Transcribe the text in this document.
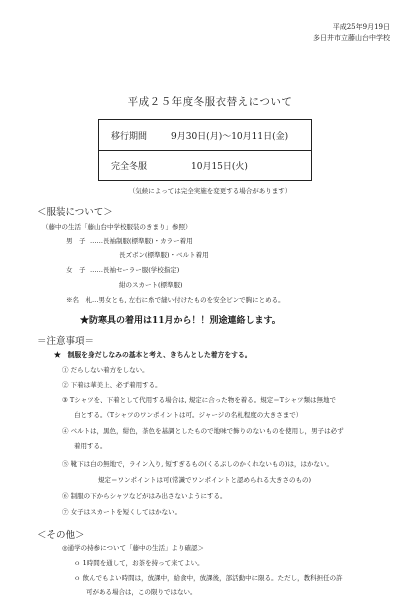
平成25年9月19日
多日井市立藤山台中学校
平成２５年度冬服衣替えについて
移行期間	9月30日(月)～10月11日(金)
完全冬服	10月15日(火)
（気候によっては完全実施を変更する場合があります）
＜服装について＞
（藤中の生活「藤山台中学校服装のきまり」参照）
男　子 ……長袖制服(標準服)・カラー着用
長ズボン(標準服)・ベルト着用
女　子 ……長袖セーラー服(学校指定)
紺のスカート(標準服)
※名　札…男女とも, 左右に糸で縫い付けたものを安全ピンで胸にとめる。
★防寒具の着用は11月から！！別途連絡します。
＝注意事項＝
★　制服を身だしなみの基本と考え、きちんとした着方をする。
① だらしない着方をしない。
② 下着は華美上、必ず着用する。
③ Tシャツを、下着として代用する場合は, 規定に合った物を着る。規定＝Tシャツ類は無地で
白とする。（Tシャツのワンポイントは可。ジャージの名札程度の大きさまで）
④ ベルトは，黒色，紺色，茶色を基調としたもので地味で飾りのないものを使用し，男子は必ず
着用する。
⑤ 靴下は白の無地で，ライン入り, 短すぎるもの(くるぶしのかくれないもの)は，はかない。
規定＝ワンポイントは可(常識でワンポイントと認められる大きさのもの)
⑥ 制服の下からシャツなどがはみ出さないようにする。
⑦ 女子はスカートを短くしてはかない。
＜その他＞
◎通学の持参について「藤中の生活」より確認＞
ｏ 1時間を通して，お茶を持って来てよい。
ｏ 飲んでもよい時間は，放課中，給食中，放課後，部活動中に限る。ただし，教科担任の許
可がある場合は，この限りではない。
